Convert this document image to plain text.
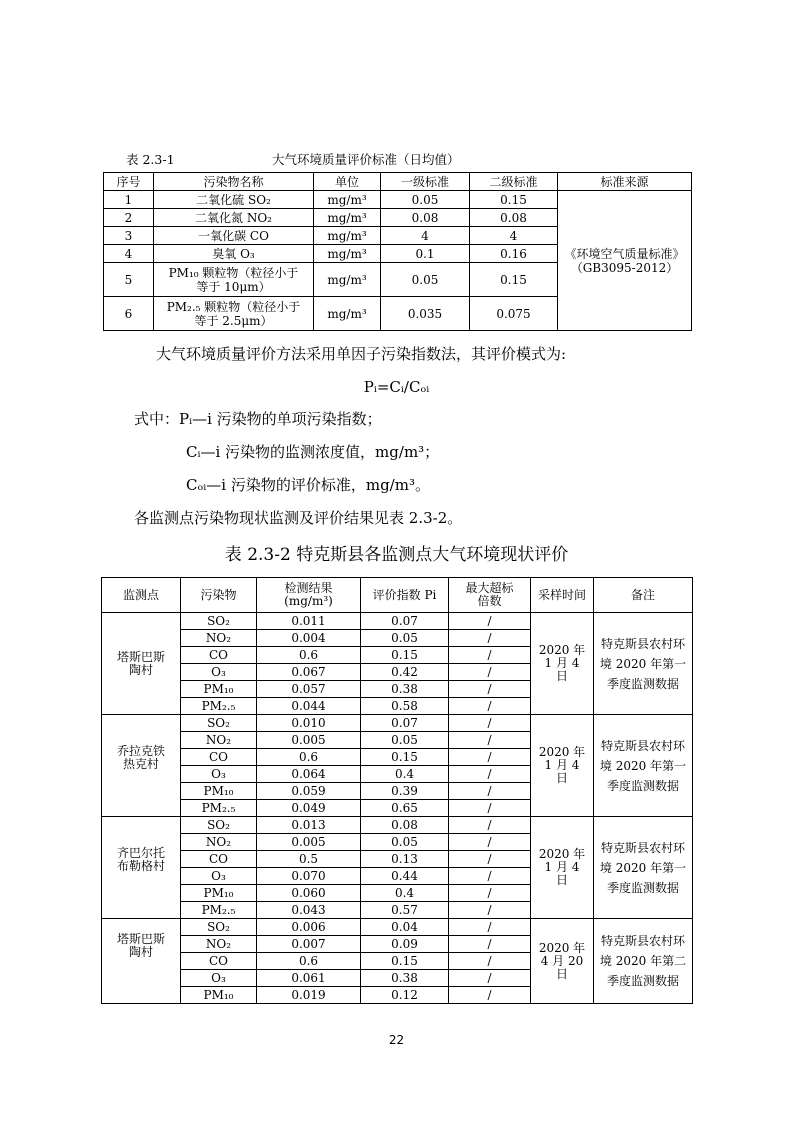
表 2.3-1	大气环境质量评价标准（日均值）
序号	污染物名称	单位	一级标准	二级标准	标准来源
1	二氧化硫 SO₂	mg/m³	0.05	0.15	《环境空气质量标准》（GB3095-2012）
2	二氧化氮 NO₂	mg/m³	0.08	0.08	
3	一氧化碳 CO	mg/m³	4	4	
4	臭氧 O₃	mg/m³	0.1	0.16	
5	PM₁₀ 颗粒物（粒径小于等于 10μm）	mg/m³	0.05	0.15	
6	PM₂.₅ 颗粒物（粒径小于等于 2.5μm）	mg/m³	0.035	0.075	
大气环境质量评价方法采用单因子污染指数法，其评价模式为:
Pᵢ=Cᵢ/Cₒᵢ
式中：Pᵢ—i 污染物的单项污染指数；
Cᵢ—i 污染物的监测浓度值，mg/m³；
Cₒᵢ—i 污染物的评价标准，mg/m³。
各监测点污染物现状监测及评价结果见表 2.3-2。
表 2.3-2 特克斯县各监测点大气环境现状评价
监测点	污染物	检测结果 (mg/m³)	评价指数 Pi	最大超标倍数	采样时间	备注
塔斯巴斯陶村	SO₂	0.011	0.07	/	2020 年 1 月 4 日	特克斯县农村环境 2020 年第一季度监测数据
	NO₂	0.004	0.05	/		
	CO	0.6	0.15	/		
	O₃	0.067	0.42	/		
	PM₁₀	0.057	0.38	/		
	PM₂.₅	0.044	0.58	/		
乔拉克铁热克村	SO₂	0.010	0.07	/	2020 年 1 月 4 日	特克斯县农村环境 2020 年第一季度监测数据
	NO₂	0.005	0.05	/		
	CO	0.6	0.15	/		
	O₃	0.064	0.4	/		
	PM₁₀	0.059	0.39	/		
	PM₂.₅	0.049	0.65	/		
齐巴尔托布勒格村	SO₂	0.013	0.08	/	2020 年 1 月 4 日	特克斯县农村环境 2020 年第一季度监测数据
	NO₂	0.005	0.05	/		
	CO	0.5	0.13	/		
	O₃	0.070	0.44	/		
	PM₁₀	0.060	0.4	/		
	PM₂.₅	0.043	0.57	/		
塔斯巴斯陶村	SO₂	0.006	0.04	/	2020 年 4 月 20 日	特克斯县农村环境 2020 年第二季度监测数据
	NO₂	0.007	0.09	/		
	CO	0.6	0.15	/		
	O₃	0.061	0.38	/		
	PM₁₀	0.019	0.12	/		
22
